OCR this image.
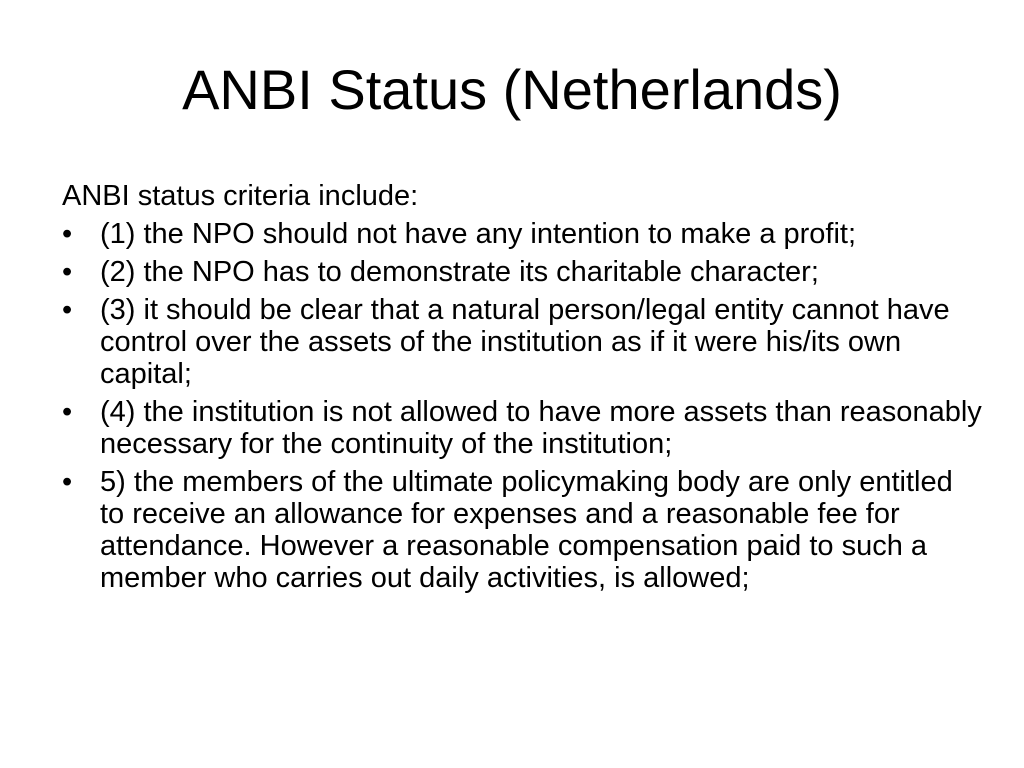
ANBI Status (Netherlands)

ANBI status criteria include:

• (1) the NPO should not have any intention to make a profit;
• (2) the NPO has to demonstrate its charitable character;
• (3) it should be clear that a natural person/legal entity cannot have control over the assets of the institution as if it were his/its own capital;
• (4) the institution is not allowed to have more assets than reasonably necessary for the continuity of the institution;
• 5) the members of the ultimate policymaking body are only entitled to receive an allowance for expenses and a reasonable fee for attendance. However a reasonable compensation paid to such a member who carries out daily activities, is allowed;
